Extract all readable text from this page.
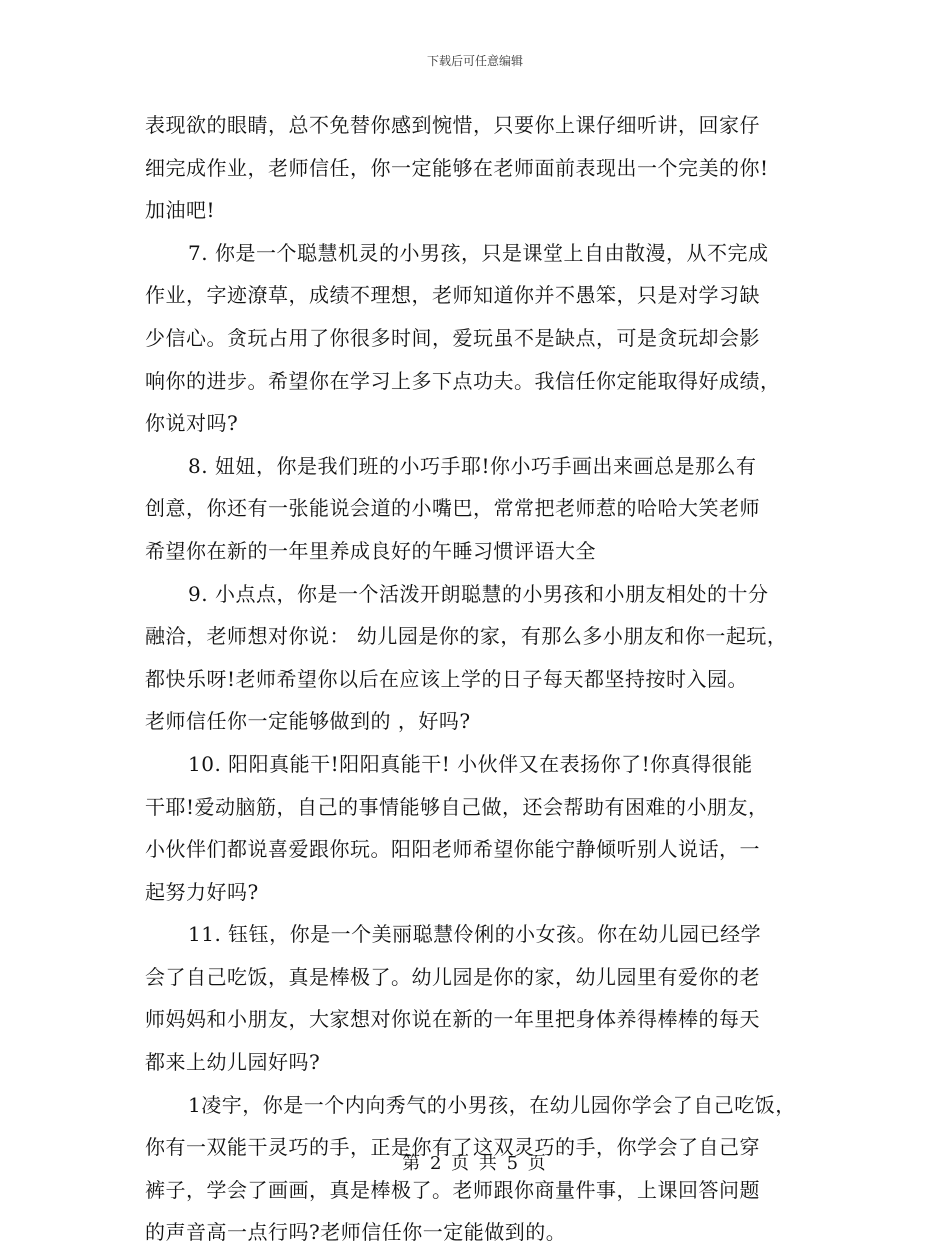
下载后可任意编辑
表现欲的眼睛，总不免替你感到惋惜，只要你上课仔细听讲，回家仔
细完成作业，老师信任，你一定能够在老师面前表现出一个完美的你!
加油吧!
7. 你是一个聪慧机灵的小男孩，只是课堂上自由散漫，从不完成
作业，字迹潦草，成绩不理想，老师知道你并不愚笨，只是对学习缺
少信心。贪玩占用了你很多时间，爱玩虽不是缺点，可是贪玩却会影
响你的进步。希望你在学习上多下点功夫。我信任你定能取得好成绩，
你说对吗?
8. 妞妞，你是我们班的小巧手耶!你小巧手画出来画总是那么有
创意，你还有一张能说会道的小嘴巴，常常把老师惹的哈哈大笑老师
希望你在新的一年里养成良好的午睡习惯评语大全
9. 小点点，你是一个活泼开朗聪慧的小男孩和小朋友相处的十分
融洽，老师想对你说： 幼儿园是你的家，有那么多小朋友和你一起玩，
都快乐呀!老师希望你以后在应该上学的日子每天都坚持按时入园。
老师信任你一定能够做到的 ，好吗?
10. 阳阳真能干!阳阳真能干! 小伙伴又在表扬你了!你真得很能
干耶!爱动脑筋，自己的事情能够自己做，还会帮助有困难的小朋友，
小伙伴们都说喜爱跟你玩。阳阳老师希望你能宁静倾听别人说话，一
起努力好吗?
11. 钰钰，你是一个美丽聪慧伶俐的小女孩。你在幼儿园已经学
会了自己吃饭，真是棒极了。幼儿园是你的家，幼儿园里有爱你的老
师妈妈和小朋友，大家想对你说在新的一年里把身体养得棒棒的每天
都来上幼儿园好吗?
1凌宇，你是一个内向秀气的小男孩，在幼儿园你学会了自己吃饭，
你有一双能干灵巧的手，正是你有了这双灵巧的手，你学会了自己穿
裤子，学会了画画，真是棒极了。老师跟你商量件事，上课回答问题
的声音高一点行吗?老师信任你一定能做到的。
第 2 页 共 5 页
